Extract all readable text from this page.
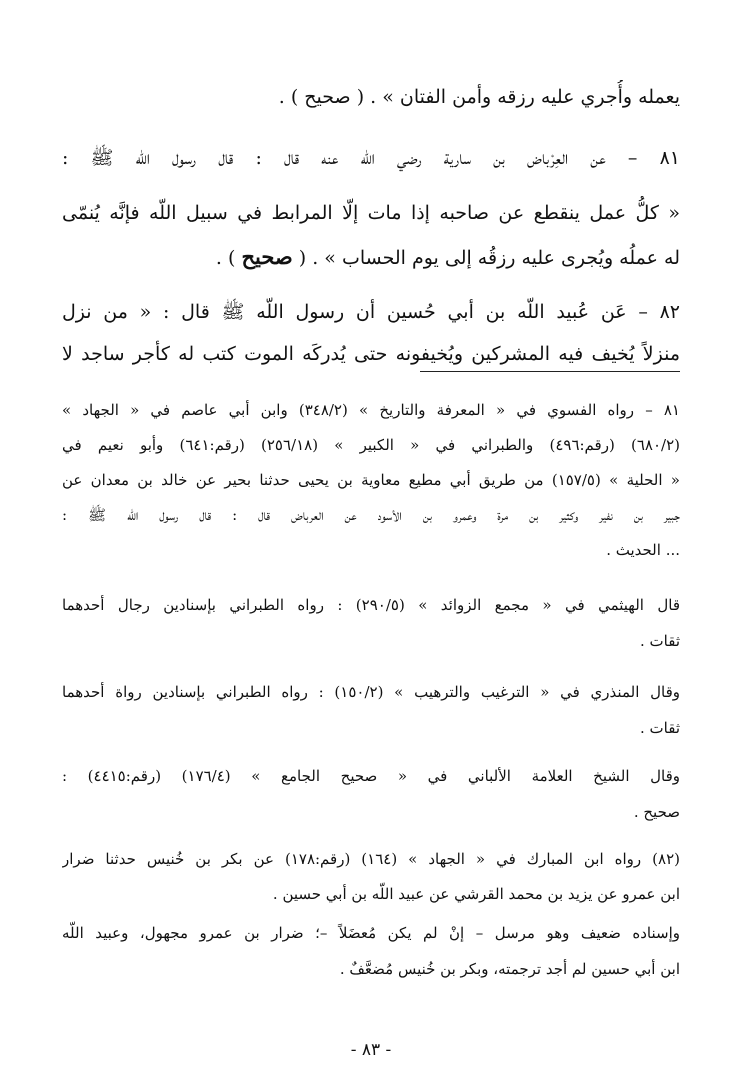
يعمله وأُجري عليه رزقه وأمن الفتان » . ( صحيح ) .
٨١ – عن العِرْباض بن سارية رضي اللّه عنه قال : قال رسول اللّه ﷺ :
« كلُّ عمل ينقطع عن صاحبه إذا مات إلّا المرابط في سبيل اللّه فإنَّه يُنمّى
له عملُه ويُجرى عليه رزقُه إلى يوم الحساب » . ( صحيح ) .
٨٢ – عَن عُبيد اللّه بن أبي حُسين أن رسول اللّه ﷺ قال : « من نزل
منزلاً يُخيف فيه المشركين ويُخيفونه حتى يُدركَه الموت كتب له كأجر ساجد لا
٨١ – رواه الفسوي في « المعرفة والتاريخ » (٣٤٨/٢) وابن أبي عاصم في « الجهاد »
(٦٨٠/٢) (رقم:٤٩٦) والطبراني في « الكبير » (٢٥٦/١٨) (رقم:٦٤١) وأبو نعيم في
« الحلية » (١٥٧/٥) من طريق أبي مطيع معاوية بن يحيى حدثنا بحير عن خالد بن معدان عن
جبير بن نفير وكثير بن مرة وعمرو بن الأسود عن العرباض قال : قال رسول اللّه ﷺ :
... الحديث .
قال الهيثمي في « مجمع الزوائد » (٢٩٠/٥) : رواه الطبراني بإسنادين رجال أحدهما
ثقات .
وقال المنذري في « الترغيب والترهيب » (١٥٠/٢) : رواه الطبراني بإسنادين رواة أحدهما
ثقات .
وقال الشيخ العلامة الألباني في « صحيح الجامع » (١٧٦/٤) (رقم:٤٤١٥) :
صحيح .
(٨٢) رواه ابن المبارك في « الجهاد » (١٦٤) (رقم:١٧٨) عن بكر بن خُنيس حدثنا ضرار
ابن عمرو عن يزيد بن محمد القرشي عن عبيد اللّه بن أبي حسين .
وإسناده ضعيف وهو مرسل – إنْ لم يكن مُعضَلاً –؛ ضرار بن عمرو مجهول، وعبيد اللّه
ابن أبي حسين لم أجد ترجمته، وبكر بن خُنيس مُضعَّفٌ .
- ٨٣ -
